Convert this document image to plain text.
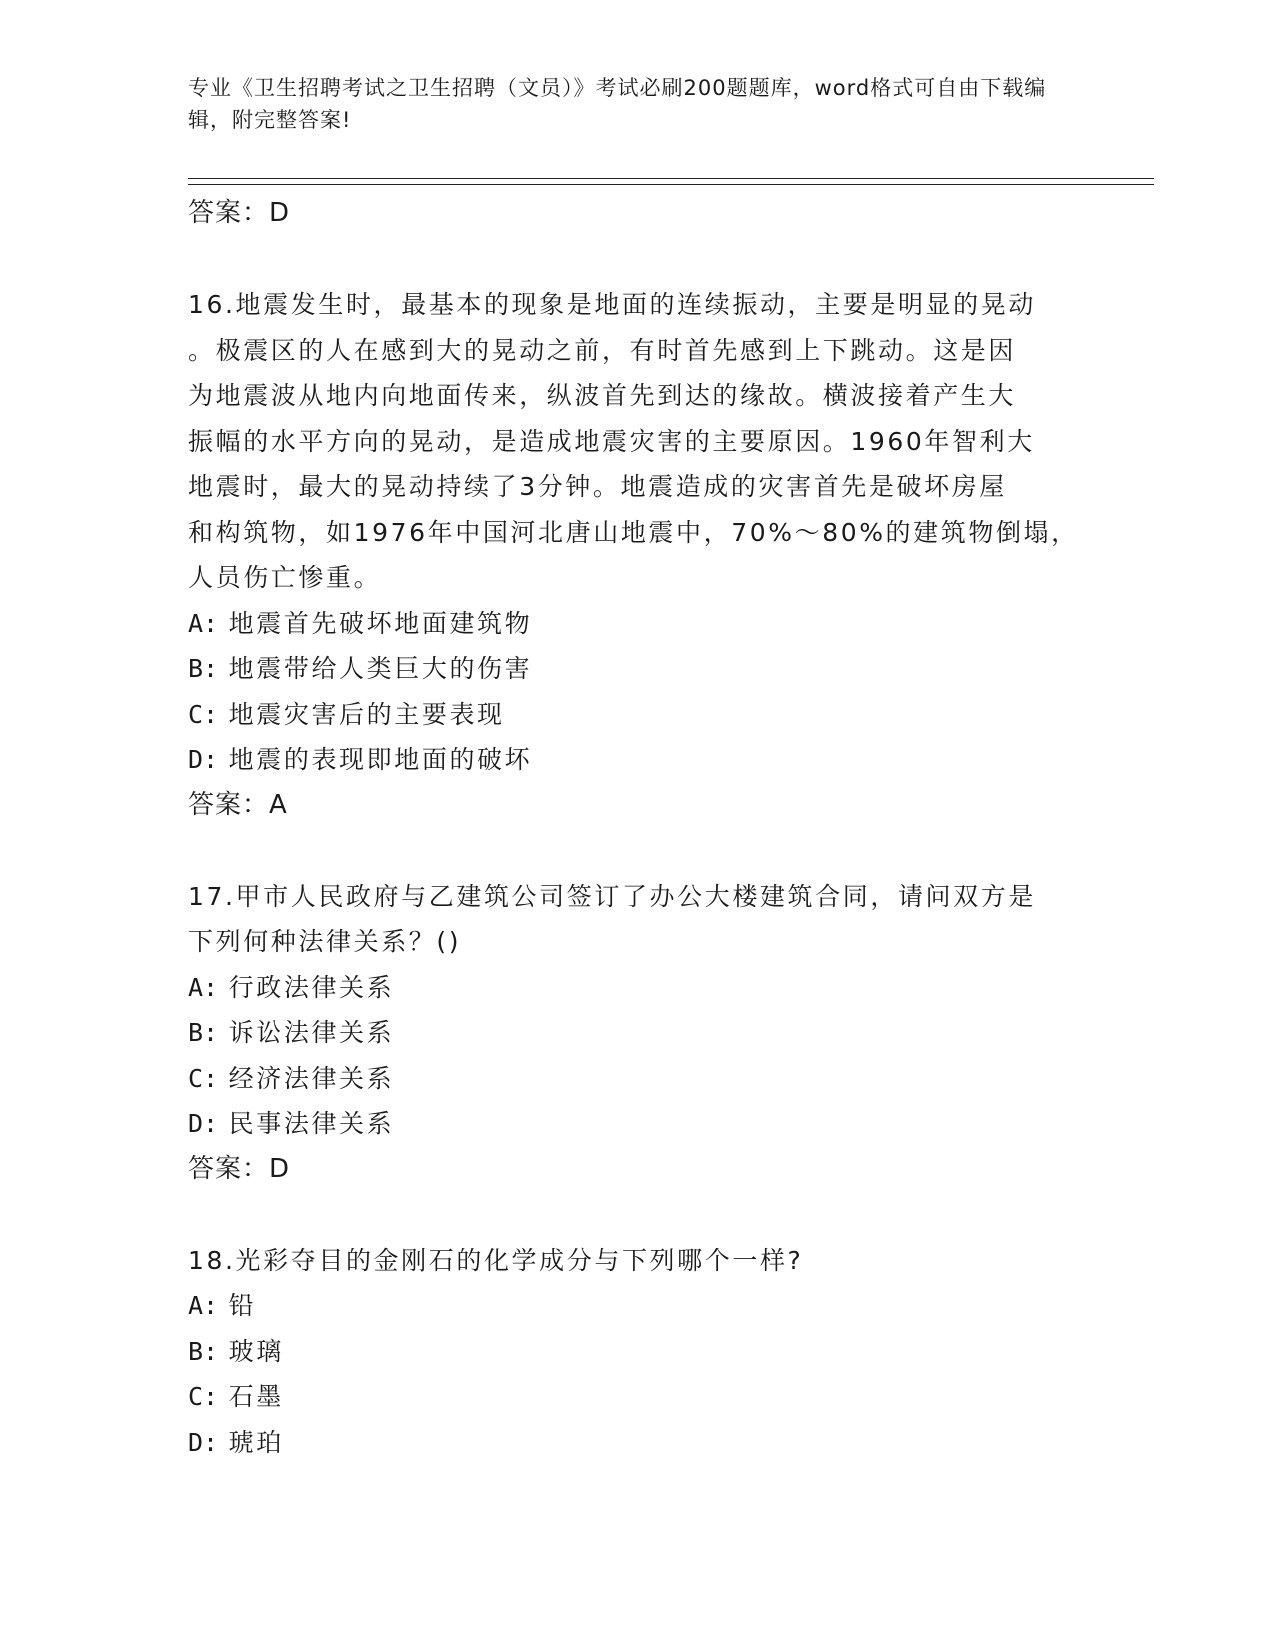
专业《卫生招聘考试之卫生招聘（文员）》考试必刷200题题库，word格式可自由下载编辑，附完整答案!
答案：D
16.地震发生时，最基本的现象是地面的连续振动，主要是明显的晃动
。极震区的人在感到大的晃动之前，有时首先感到上下跳动。这是因
为地震波从地内向地面传来，纵波首先到达的缘故。横波接着产生大
振幅的水平方向的晃动，是造成地震灾害的主要原因。1960年智利大
地震时，最大的晃动持续了3分钟。地震造成的灾害首先是破坏房屋
和构筑物，如1976年中国河北唐山地震中，70%～80%的建筑物倒塌，
人员伤亡惨重。
A: 地震首先破坏地面建筑物
B: 地震带给人类巨大的伤害
C: 地震灾害后的主要表现
D: 地震的表现即地面的破坏
答案：A
17.甲市人民政府与乙建筑公司签订了办公大楼建筑合同，请问双方是
下列何种法律关系？()
A: 行政法律关系
B: 诉讼法律关系
C: 经济法律关系
D: 民事法律关系
答案：D
18.光彩夺目的金刚石的化学成分与下列哪个一样?
A: 铅
B: 玻璃
C: 石墨
D: 琥珀
